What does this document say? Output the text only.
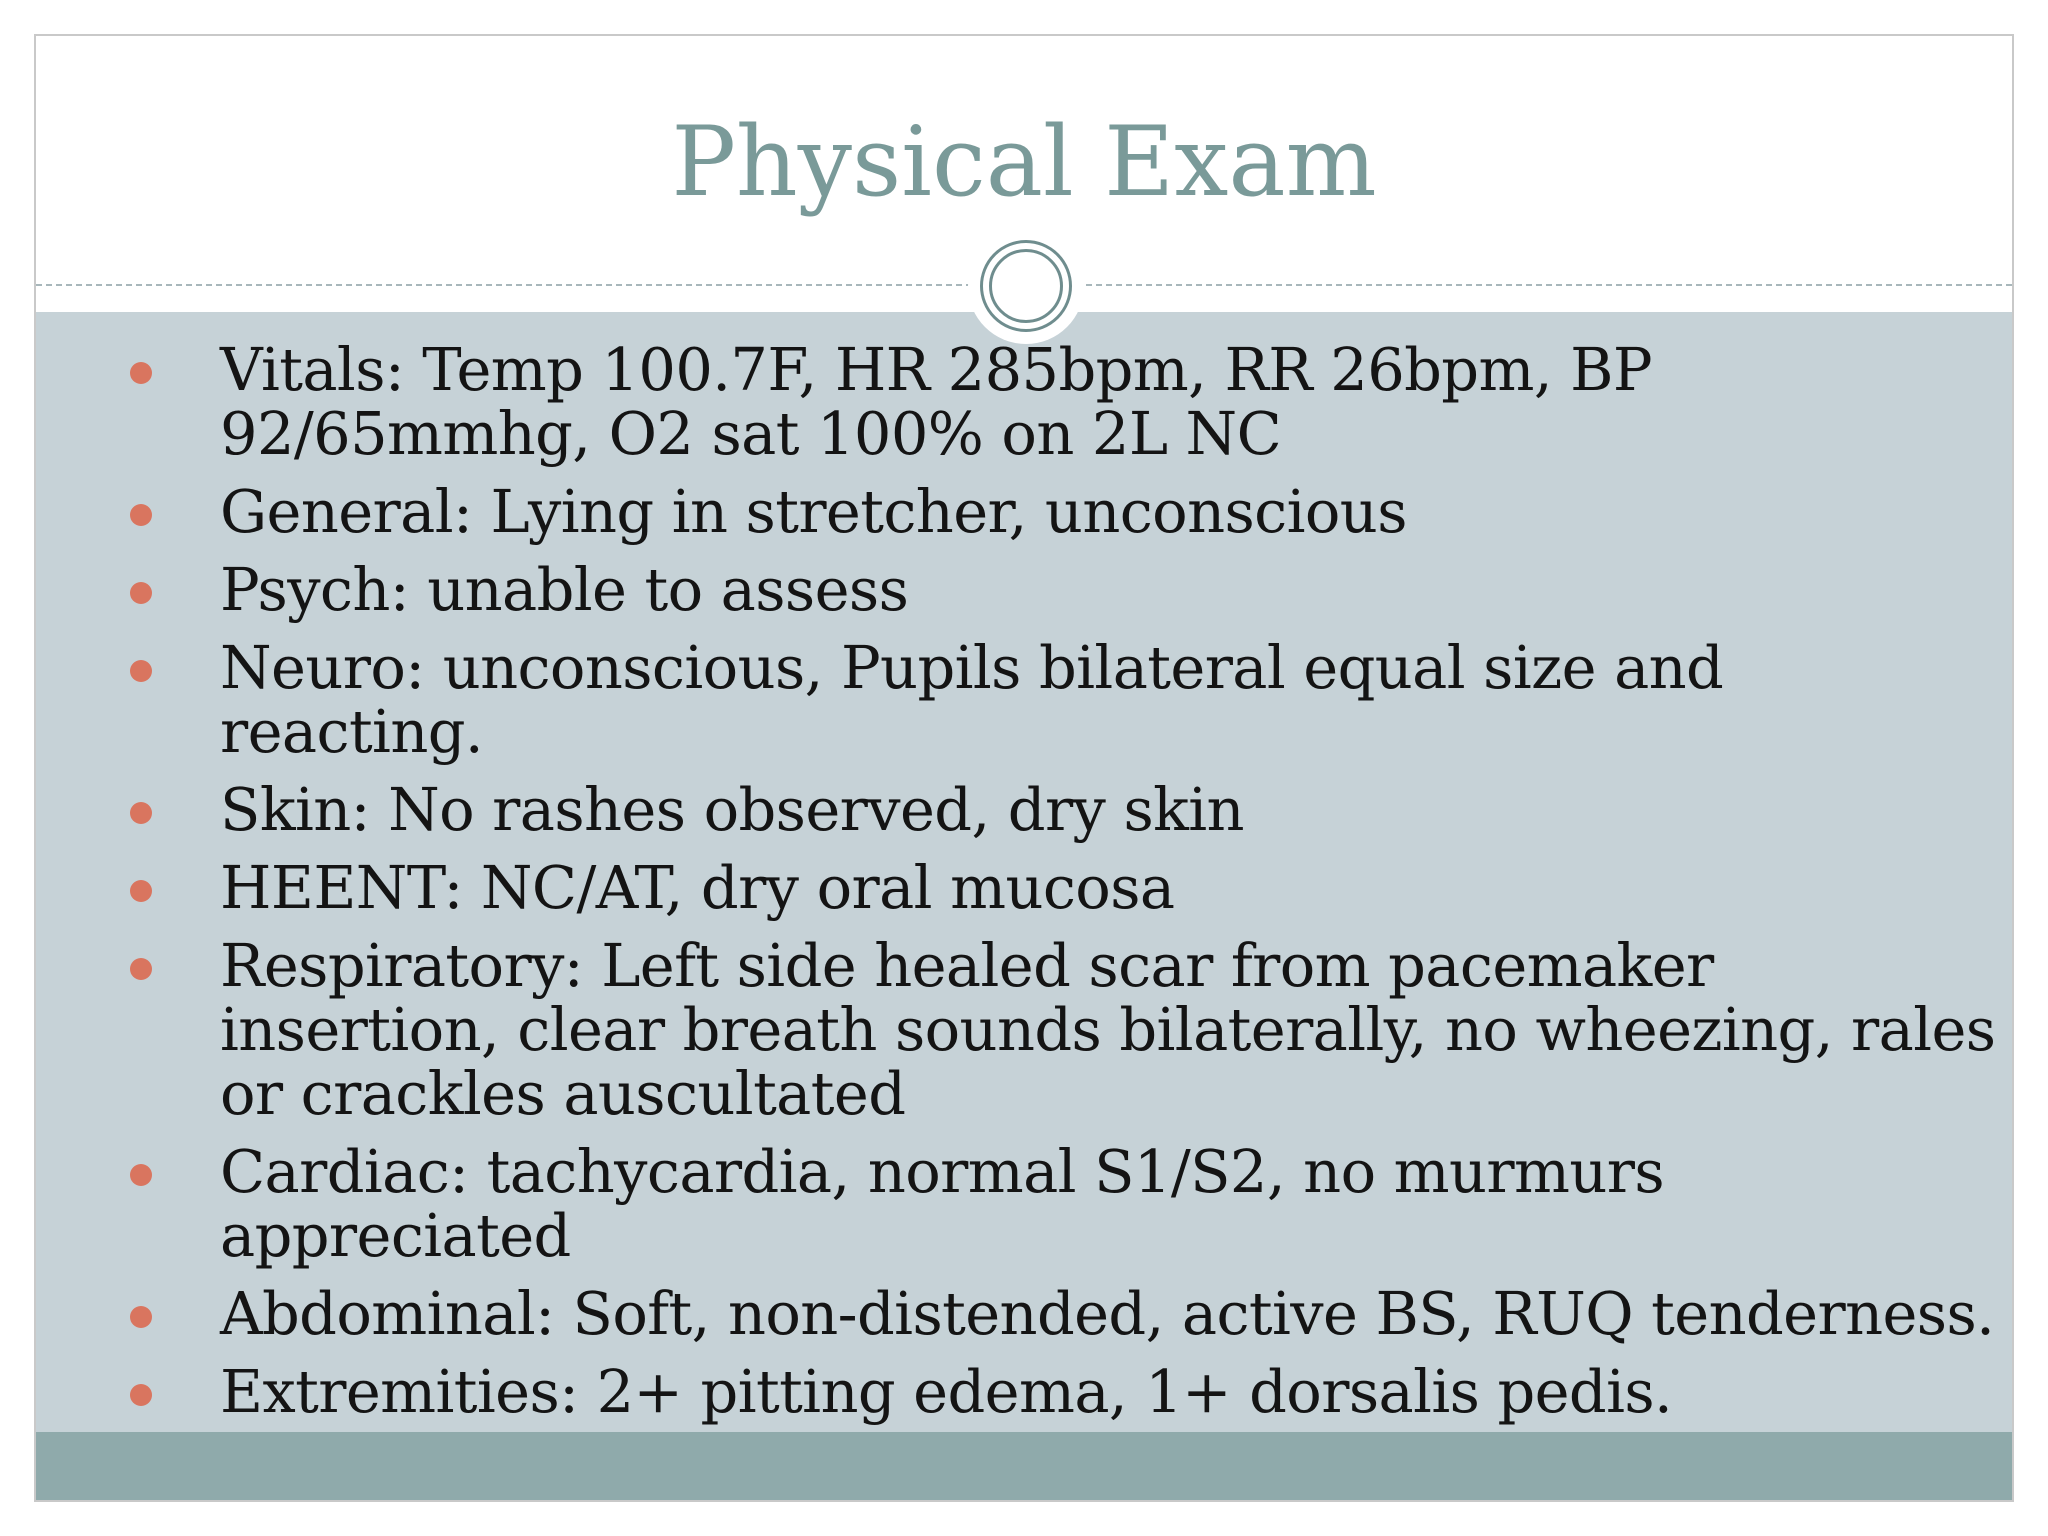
Physical Exam
Vitals: Temp 100.7F, HR 285bpm, RR 26bpm, BP 92/65mmhg, O2 sat 100% on 2L NC
General: Lying in stretcher, unconscious
Psych: unable to assess
Neuro: unconscious, Pupils bilateral equal size and reacting.
Skin: No rashes observed, dry skin
HEENT: NC/AT, dry oral mucosa
Respiratory: Left side healed scar from pacemaker insertion, clear breath sounds bilaterally, no wheezing, rales or crackles auscultated
Cardiac: tachycardia, normal S1/S2, no murmurs appreciated
Abdominal: Soft, non-distended, active BS, RUQ tenderness.
Extremities: 2+ pitting edema, 1+ dorsalis pedis.
